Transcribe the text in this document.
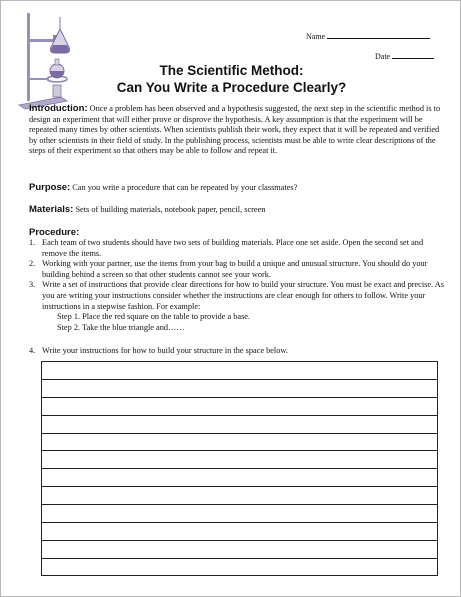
Name
Date
The Scientific Method:
Can You Write a Procedure Clearly?
Introduction: Once a problem has been observed and a hypothesis suggested, the next step in the scientific method is to design an experiment that will either prove or disprove the hypothesis. A key assumption is that the experiment will be repeated many times by other scientists. When scientists publish their work, they expect that it will be repeated and verified by other scientists in their field of study. In the publishing process, scientists must be able to write clear descriptions of the steps of their experiment so that others may be able to follow and repeat it.
Purpose: Can you write a procedure that can be repeated by your classmates?
Materials: Sets of building materials, notebook paper, pencil, screen
Procedure:
1. Each team of two students should have two sets of building materials. Place one set aside. Open the second set and remove the items.
2. Working with your partner, use the items from your bag to build a unique and unusual structure. You should do your building behind a screen so that other students cannot see your work.
3. Write a set of instructions that provide clear directions for how to build your structure. You must be exact and precise. As you are writing your instructions consider whether the instructions are clear enough for others to follow. Write your instructions in a stepwise fashion. For example:
Step 1. Place the red square on the table to provide a base.
Step 2. Take the blue triangle and……
4. Write your instructions for how to build your structure in the space below.
